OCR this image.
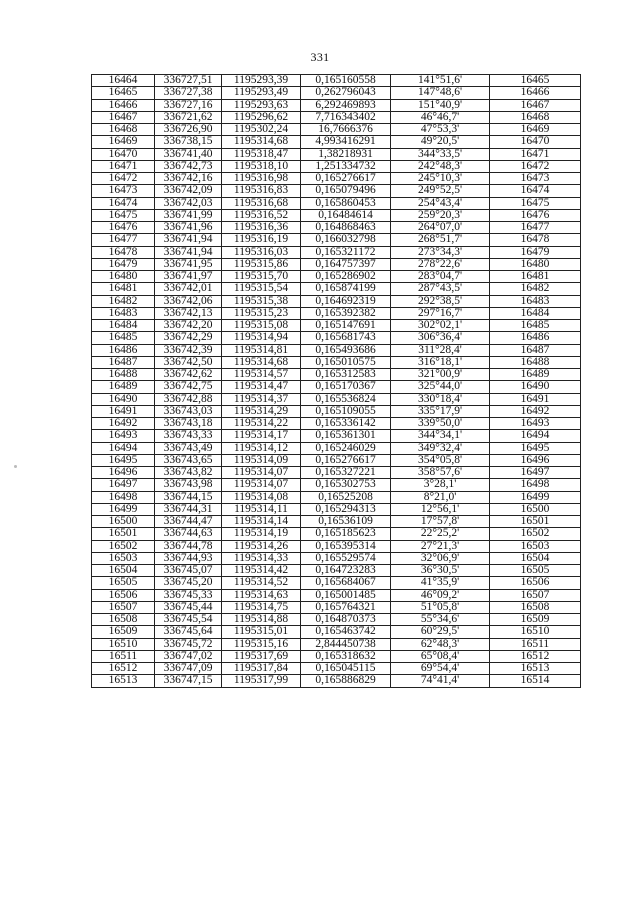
331
16464	336727,51	1195293,39	0,165160558	141°51,6'	16465
16465	336727,38	1195293,49	0,262796043	147°48,6'	16466
16466	336727,16	1195293,63	6,292469893	151°40,9'	16467
16467	336721,62	1195296,62	7,716343402	46°46,7'	16468
16468	336726,90	1195302,24	16,7666376	47°53,3'	16469
16469	336738,15	1195314,68	4,993416291	49°20,5'	16470
16470	336741,40	1195318,47	1,38218931	344°33,5'	16471
16471	336742,73	1195318,10	1,251334732	242°48,3'	16472
16472	336742,16	1195316,98	0,165276617	245°10,3'	16473
16473	336742,09	1195316,83	0,165079496	249°52,5'	16474
16474	336742,03	1195316,68	0,165860453	254°43,4'	16475
16475	336741,99	1195316,52	0,16484614	259°20,3'	16476
16476	336741,96	1195316,36	0,164868463	264°07,0'	16477
16477	336741,94	1195316,19	0,166032798	268°51,7'	16478
16478	336741,94	1195316,03	0,165321172	273°34,3'	16479
16479	336741,95	1195315,86	0,164757397	278°22,6'	16480
16480	336741,97	1195315,70	0,165286902	283°04,7'	16481
16481	336742,01	1195315,54	0,165874199	287°43,5'	16482
16482	336742,06	1195315,38	0,164692319	292°38,5'	16483
16483	336742,13	1195315,23	0,165392382	297°16,7'	16484
16484	336742,20	1195315,08	0,165147691	302°02,1'	16485
16485	336742,29	1195314,94	0,165681743	306°36,4'	16486
16486	336742,39	1195314,81	0,165493686	311°28,4'	16487
16487	336742,50	1195314,68	0,165010575	316°18,1'	16488
16488	336742,62	1195314,57	0,165312583	321°00,9'	16489
16489	336742,75	1195314,47	0,165170367	325°44,0'	16490
16490	336742,88	1195314,37	0,165536824	330°18,4'	16491
16491	336743,03	1195314,29	0,165109055	335°17,9'	16492
16492	336743,18	1195314,22	0,165336142	339°50,0'	16493
16493	336743,33	1195314,17	0,165361301	344°34,1'	16494
16494	336743,49	1195314,12	0,165246029	349°32,4'	16495
16495	336743,65	1195314,09	0,165276617	354°05,8'	16496
16496	336743,82	1195314,07	0,165327221	358°57,6'	16497
16497	336743,98	1195314,07	0,165302753	3°28,1'	16498
16498	336744,15	1195314,08	0,16525208	8°21,0'	16499
16499	336744,31	1195314,11	0,165294313	12°56,1'	16500
16500	336744,47	1195314,14	0,16536109	17°57,8'	16501
16501	336744,63	1195314,19	0,165185623	22°25,2'	16502
16502	336744,78	1195314,26	0,165395314	27°21,3'	16503
16503	336744,93	1195314,33	0,165529574	32°06,9'	16504
16504	336745,07	1195314,42	0,164723283	36°30,5'	16505
16505	336745,20	1195314,52	0,165684067	41°35,9'	16506
16506	336745,33	1195314,63	0,165001485	46°09,2'	16507
16507	336745,44	1195314,75	0,165764321	51°05,8'	16508
16508	336745,54	1195314,88	0,164870373	55°34,6'	16509
16509	336745,64	1195315,01	0,165463742	60°29,5'	16510
16510	336745,72	1195315,16	2,844450738	62°48,3'	16511
16511	336747,02	1195317,69	0,165318632	65°08,4'	16512
16512	336747,09	1195317,84	0,165045115	69°54,4'	16513
16513	336747,15	1195317,99	0,165886829	74°41,4'	16514
